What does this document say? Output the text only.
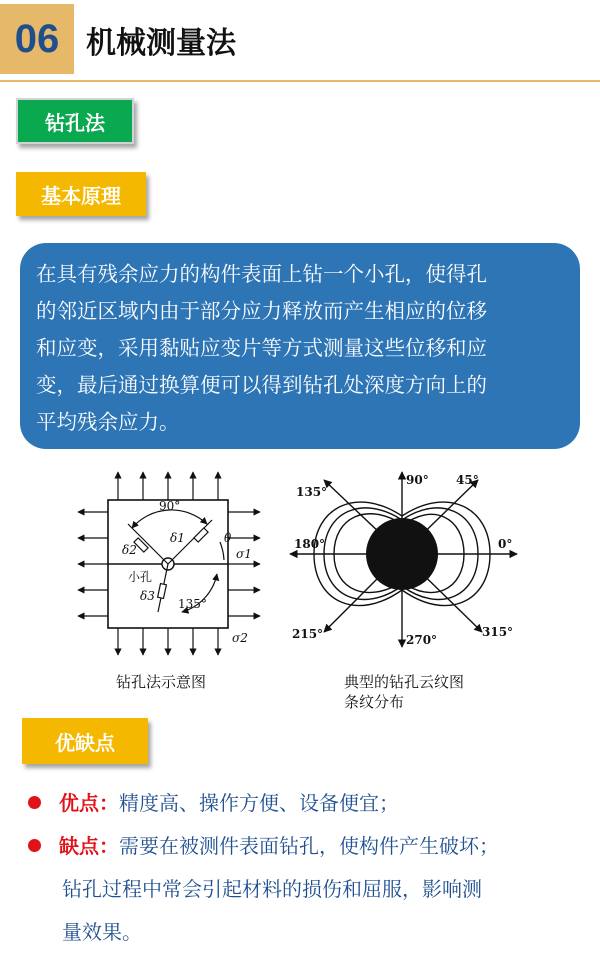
06 机械测量法
钻孔法
基本原理
在具有残余应力的构件表面上钻一个小孔，使得孔
的邻近区域内由于部分应力释放而产生相应的位移
和应变，采用黏贴应变片等方式测量这些位移和应
变，最后通过换算便可以得到钻孔处深度方向上的
平均残余应力。
90°
135°
θ
σ1
σ2
δ1
δ2
δ3
小孔
钻孔法示意图
90° 45°
135°
180°	0°
215°	270°
315°
典型的钻孔云纹图
条纹分布
优缺点
优点：精度高、操作方便、设备便宜；
缺点：需要在被测件表面钻孔，使构件产生破坏；
钻孔过程中常会引起材料的损伤和屈服，影响测
量效果。
